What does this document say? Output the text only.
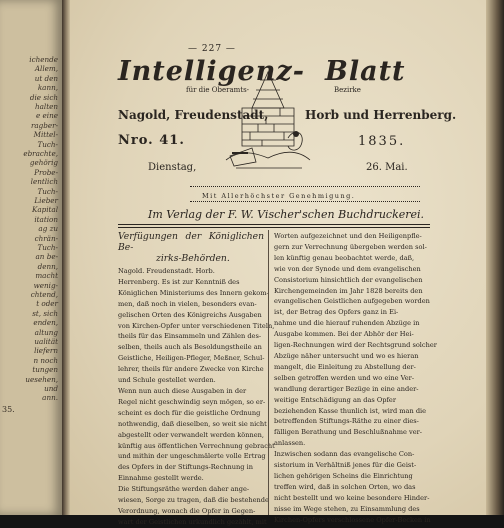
ichende
Allem,
ut den
kann,
die sich
halten
e eine
ragber-
Mittel-
Tuch-
ebrachte,
gehörig
Probe-
lentlich
Tuch-
Lieber
Kapital
itation
ag zu
chrän-
Tuch-
an be-
denn,
macht
wenig-
chtend,
t oder
st, sich
enden,
altung
ualität
liefern
n noch
tungen
uesehen,
und
ann.
35.
— 227 —
Intelligenz- Blatt
für die Oberamts-	Bezirke
Nagold, Freudenstadt,	Horb und Herrenberg.
Nro. 41.	1835.
Dienstag,	26. Mai.
Mit Allerhöchster Genehmigung.
Im Verlag der F. W. Vischer'schen Buchdruckerei.
Verfügungen der Königlichen Be-
zirks-Behörden.
Nagold. Freudenstadt. Horb.
Herrenberg. Es ist zur Kenntniß des
Königlichen Ministeriums des Innern gekom-
men, daß noch in vielen, besonders evan-
gelischen Orten des Königreichs Ausgaben
von Kirchen-Opfer unter verschiedenen Titeln,
theils für das Einsammeln und Zählen des-
selben, theils auch als Besoldungstheile an
Geistliche, Heiligen-Pfleger, Meßner, Schul-
lehrer, theils für andere Zwecke von Kirche
und Schule gestellet werden.
Wenn nun auch diese Ausgaben in der
Regel nicht geschwindig seyn mögen, so er-
scheint es doch für die geistliche Ordnung
nothwendig, daß dieselben, so weit sie nicht
abgestellt oder verwandelt werden können,
künftig aus öffentlichen Verrechnung gebracht
und mithin der ungeschmälerte volle Ertrag
des Opfers in der Stiftungs-Rechnung in
Einnahme gestellt werde.
Die Stiftungsräthe werden daher ange-
wiesen, Sorge zu tragen, daß die bestehende
Verordnung, wonach die Opfer in Gegen-
wart der Geistlichen urkundlich gezählt, mit
Worten aufgezeichnet und den Heiligenpfle-
gern zur Verrechnung übergeben werden sol-
len künftig genau beobachtet werde, daß,
wie von der Synode und dem evangelischen
Consistorium hinsichtlich der evangelischen
Kirchengemeinden im Jahr 1828 bereits den
evangelischen Geistlichen aufgegeben worden
ist, der Betrag des Opfers ganz in Ei-
nahme und die hierauf ruhenden Abzüge in
Ausgabe kommen. Bei der Abhör der Hei-
ligen-Rechnungen wird der Rechtsgrund solcher
Abzüge näher untersucht und wo es hieran
mangelt, die Einleitung zu Abstellung der-
selben getroffen werden und wo eine Ver-
wandlung derartiger Bezüge in eine ander-
weitige Entschädigung an das Opfer
beziehenden Kasse thunlich ist, wird man die
betreffenden Stiftungs-Räthe zu einer dies-
fälligen Berathung und Beschlußnahme ver-
anlassen.
Inzwischen sodann das evangelische Con-
sistorium in Verhältniß jenes für die Geist-
lichen gehörigen Scheins die Einrichtung
treffen wird, daß in solchen Orten, wo das
nicht bestellt und wo keine besondere Hinder-
nisse im Wege stehen, zu Einsammlung des
Kirchen-Opfers verschlossene Opfer-Becken in
